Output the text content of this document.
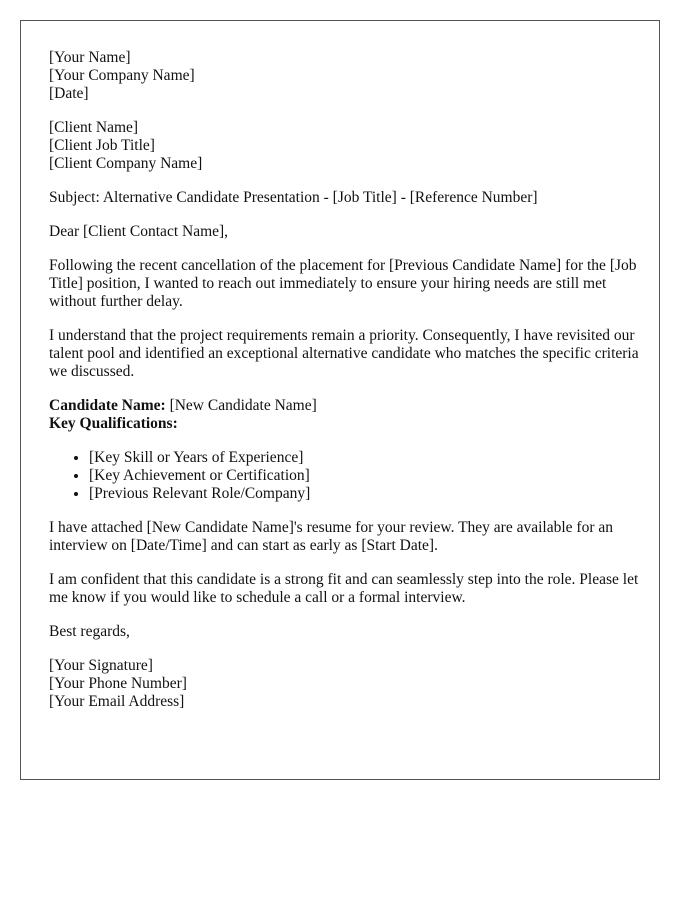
[Your Name]
[Your Company Name]
[Date]
[Client Name]
[Client Job Title]
[Client Company Name]

Subject: Alternative Candidate Presentation - [Job Title] - [Reference Number]

Dear [Client Contact Name],

Following the recent cancellation of the placement for [Previous Candidate Name] for the [Job Title] position, I wanted to reach out immediately to ensure your hiring needs are still met without further delay.

I understand that the project requirements remain a priority. Consequently, I have revisited our talent pool and identified an exceptional alternative candidate who matches the specific criteria we discussed.

Candidate Name: [New Candidate Name]
Key Qualifications:
• [Key Skill or Years of Experience]
• [Key Achievement or Certification]
• [Previous Relevant Role/Company]

I have attached [New Candidate Name]'s resume for your review. They are available for an interview on [Date/Time] and can start as early as [Start Date].

I am confident that this candidate is a strong fit and can seamlessly step into the role. Please let me know if you would like to schedule a call or a formal interview.

Best regards,

[Your Signature]
[Your Phone Number]
[Your Email Address]
